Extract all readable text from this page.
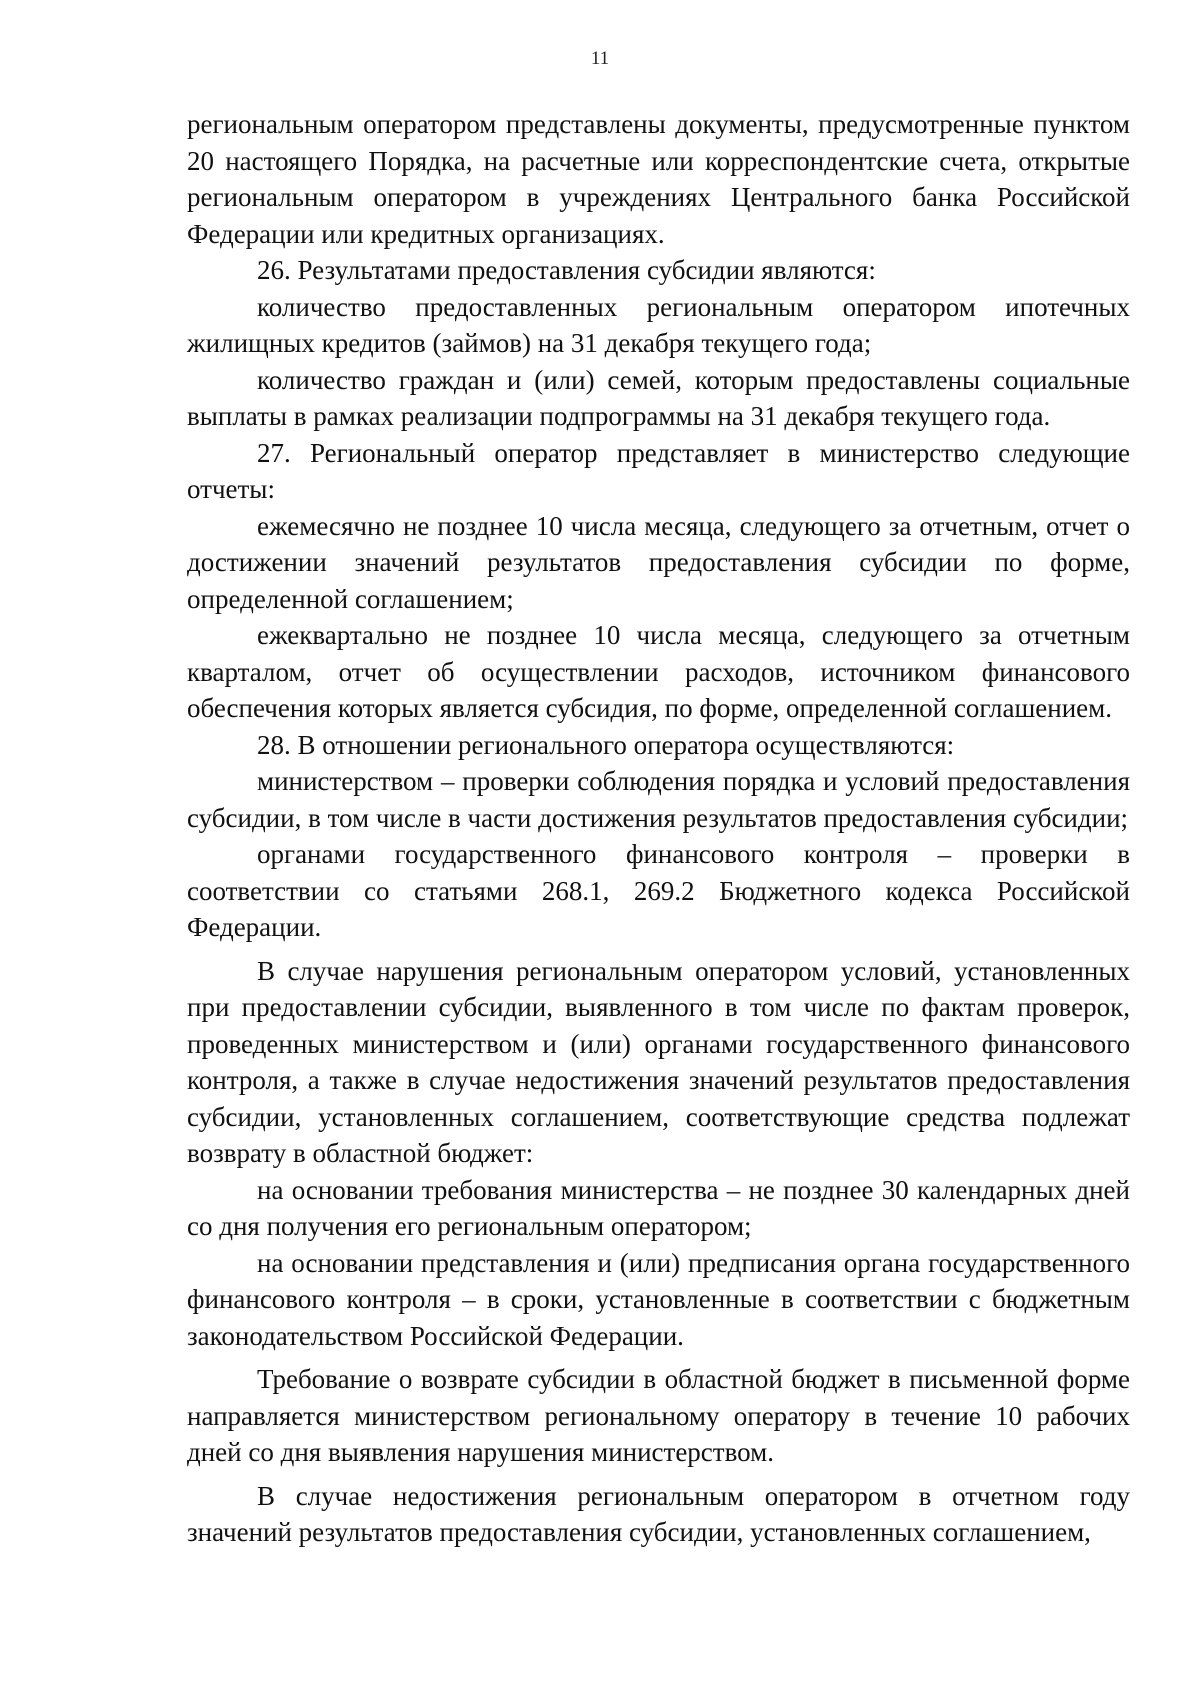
11

региональным оператором представлены документы, предусмотренные пунктом 20 настоящего Порядка, на расчетные или корреспондентские счета, открытые региональным оператором в учреждениях Центрального банка Российской Федерации или кредитных организациях.

26. Результатами предоставления субсидии являются:

количество предоставленных региональным оператором ипотечных жилищных кредитов (займов) на 31 декабря текущего года;

количество граждан и (или) семей, которым предоставлены социальные выплаты в рамках реализации подпрограммы на 31 декабря текущего года.

27. Региональный оператор представляет в министерство следующие отчеты:

ежемесячно не позднее 10 числа месяца, следующего за отчетным, отчет о достижении значений результатов предоставления субсидии по форме, определенной соглашением;

ежеквартально не позднее 10 числа месяца, следующего за отчетным кварталом, отчет об осуществлении расходов, источником финансового обеспечения которых является субсидия, по форме, определенной соглашением.

28. В отношении регионального оператора осуществляются:

министерством – проверки соблюдения порядка и условий предоставления субсидии, в том числе в части достижения результатов предоставления субсидии;

органами государственного финансового контроля – проверки в соответствии со статьями 268.1, 269.2 Бюджетного кодекса Российской Федерации.

В случае нарушения региональным оператором условий, установленных при предоставлении субсидии, выявленного в том числе по фактам проверок, проведенных министерством и (или) органами государственного финансового контроля, а также в случае недостижения значений результатов предоставления субсидии, установленных соглашением, соответствующие средства подлежат возврату в областной бюджет:

на основании требования министерства – не позднее 30 календарных дней со дня получения его региональным оператором;

на основании представления и (или) предписания органа государственного финансового контроля – в сроки, установленные в соответствии с бюджетным законодательством Российской Федерации.

Требование о возврате субсидии в областной бюджет в письменной форме направляется министерством региональному оператору в течение 10 рабочих дней со дня выявления нарушения министерством.

В случае недостижения региональным оператором в отчетном году значений результатов предоставления субсидии, установленных соглашением,
